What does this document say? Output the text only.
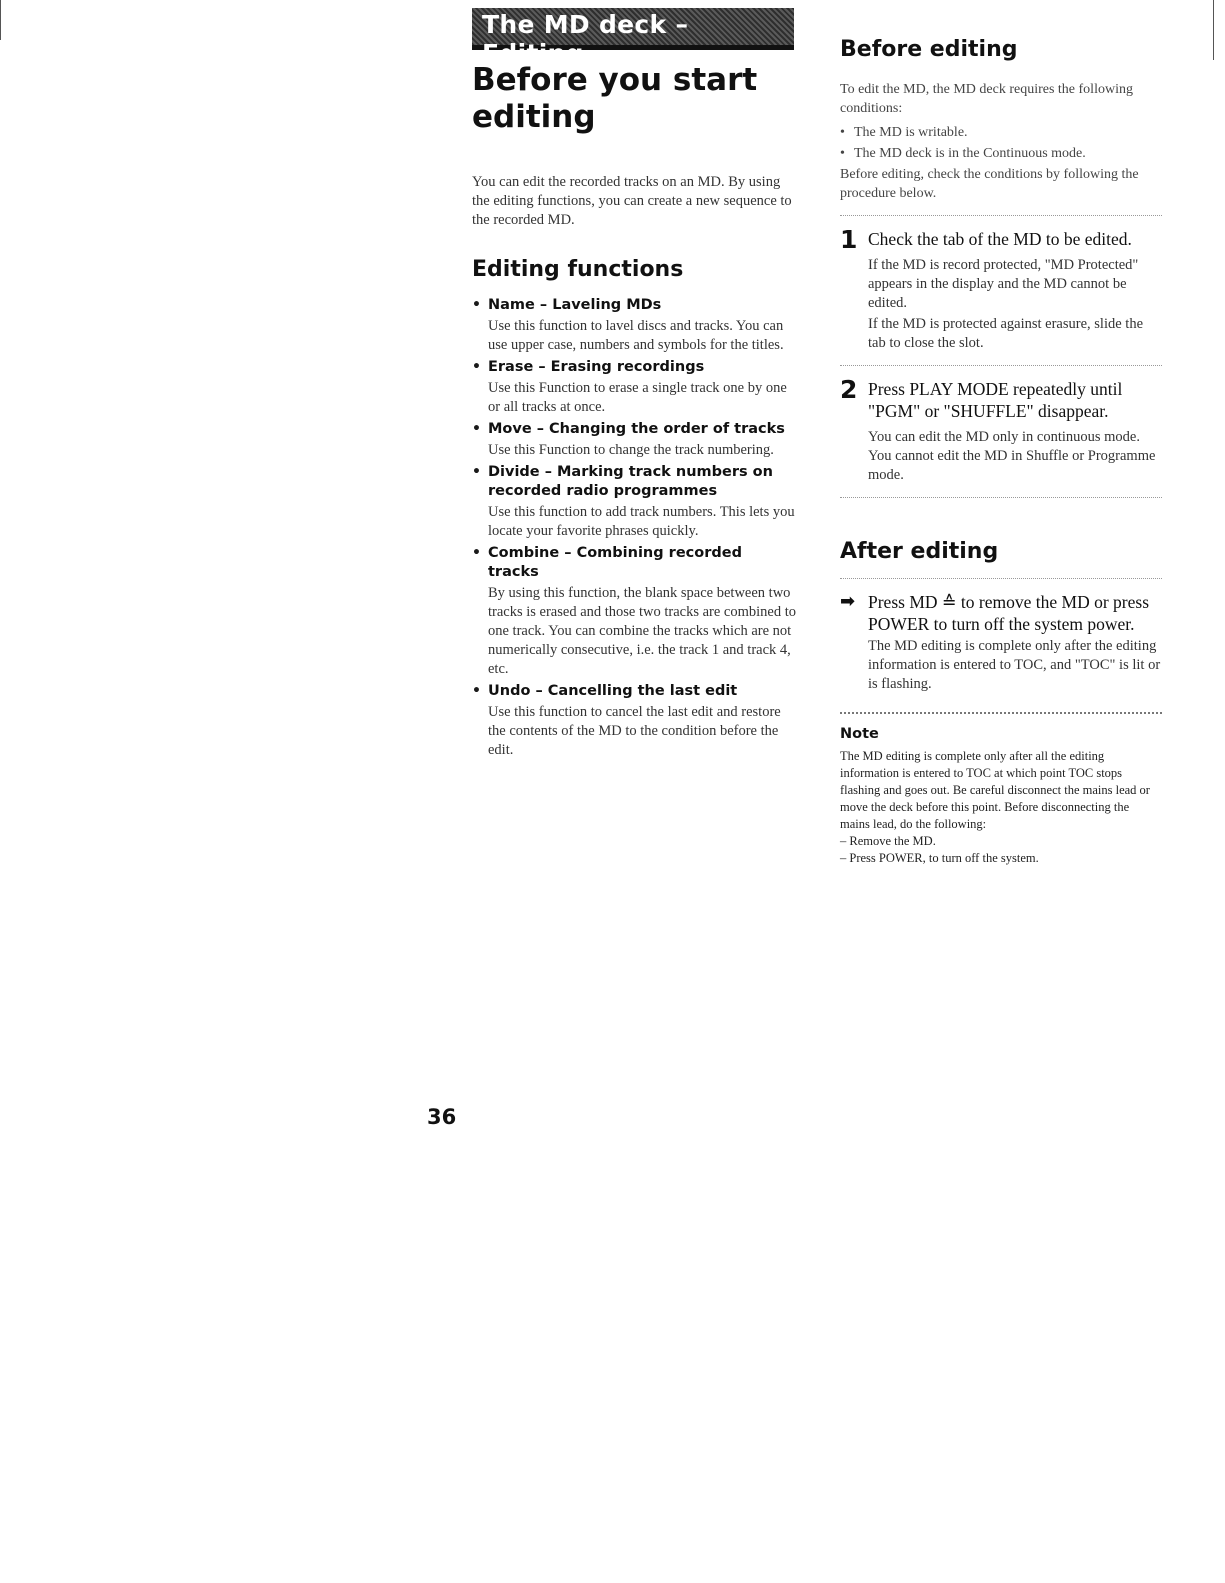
The MD deck – Editing
Before you start editing

You can edit the recorded tracks on an MD. By using the editing functions, you can create a new sequence to the recorded MD.

Editing functions
• Name – Laveling MDs
Use this function to lavel discs and tracks. You can use upper case, numbers and symbols for the titles.
• Erase – Erasing recordings
Use this Function to erase a single track one by one or all tracks at once.
• Move – Changing the order of tracks
Use this Function to change the track numbering.
• Divide – Marking track numbers on recorded radio programmes
Use this function to add track numbers. This lets you locate your favorite phrases quickly.
• Combine – Combining recorded tracks
By using this function, the blank space between two tracks is erased and those two tracks are combined to one track. You can combine the tracks which are not numerically consecutive, i.e. the track 1 and track 4, etc.
• Undo – Cancelling the last edit
Use this function to cancel the last edit and restore the contents of the MD to the condition before the edit.
Before editing

To edit the MD, the MD deck requires the following conditions:

• The MD is writable.
• The MD deck is in the Continuous mode.
Before editing, check the conditions by following the procedure below.
1 Check the tab of the MD to be edited.
If the MD is record protected, "MD Protected" appears in the display and the MD cannot be edited.
If the MD is protected against erasure, slide the tab to close the slot.
2 Press PLAY MODE repeatedly until "PGM" or "SHUFFLE" disappear.
You can edit the MD only in continuous mode. You cannot edit the MD in Shuffle or Programme mode.
After editing
➡ Press MD ≙ to remove the MD or press POWER to turn off the system power.
The MD editing is complete only after the editing information is entered to TOC, and "TOC" is lit or is flashing.
Note
The MD editing is complete only after all the editing information is entered to TOC at which point TOC stops flashing and goes out. Be careful disconnect the mains lead or move the deck before this point. Before disconnecting the mains lead, do the following:
– Remove the MD.
– Press POWER, to turn off the system.
36
